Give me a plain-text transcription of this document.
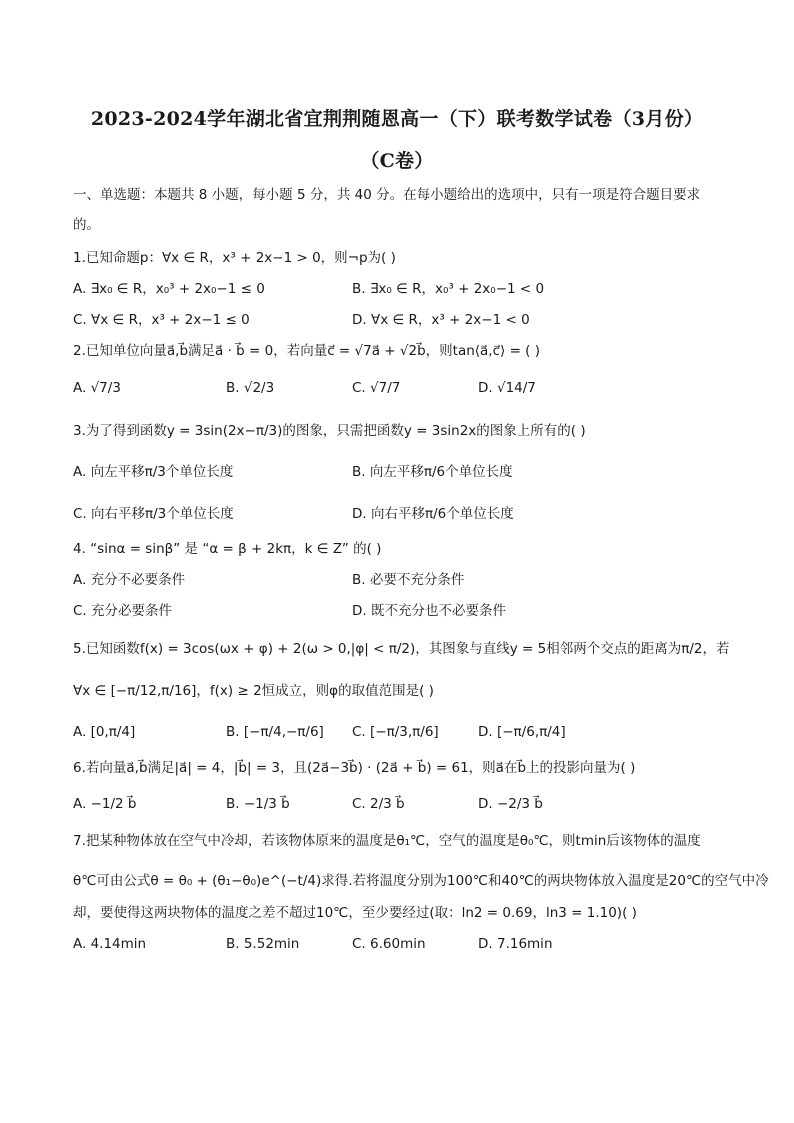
2023-2024学年湖北省宜荆荆随恩高一（下）联考数学试卷（3月份）
（C卷）
一、单选题：本题共 8 小题，每小题 5 分，共 40 分。在每小题给出的选项中，只有一项是符合题目要求
的。
1.已知命题p：∀x ∈ R，x³ + 2x−1 > 0，则¬p为( )
A. ∃x₀ ∈ R，x₀³ + 2x₀−1 ≤ 0	B. ∃x₀ ∈ R，x₀³ + 2x₀−1 < 0
C. ∀x ∈ R，x³ + 2x−1 ≤ 0	D. ∀x ∈ R，x³ + 2x−1 < 0
2.已知单位向量a⃗,b⃗满足a⃗ · b⃗ = 0，若向量c⃗ = √7a⃗ + √2b⃗，则tan⟨a⃗,c⃗⟩ = ( )
A. √7/3	B. √2/3	C. √7/7	D. √14/7
3.为了得到函数y = 3sin(2x−π/3)的图象，只需把函数y = 3sin2x的图象上所有的( )
A. 向左平移π/3个单位长度	B. 向左平移π/6个单位长度
C. 向右平移π/3个单位长度	D. 向右平移π/6个单位长度
4. “sinα = sinβ” 是 “α = β + 2kπ，k ∈ Z” 的( )
A. 充分不必要条件	B. 必要不充分条件
C. 充分必要条件	D. 既不充分也不必要条件
5.已知函数f(x) = 3cos(ωx + φ) + 2(ω > 0,|φ| < π/2)，其图象与直线y = 5相邻两个交点的距离为π/2，若
∀x ∈ [−π/12,π/16]，f(x) ≥ 2恒成立，则φ的取值范围是( )
A. [0,π/4]	B. [−π/4,−π/6] C. [−π/3,π/6]	D. [−π/6,π/4]
6.若向量a⃗,b⃗满足|a⃗| = 4，|b⃗| = 3，且(2a⃗−3b⃗) · (2a⃗ + b⃗) = 61，则a⃗在b⃗上的投影向量为( )
A. −1/2 b⃗	B. −1/3 b⃗	C. 2/3 b⃗	D. −2/3 b⃗
7.把某种物体放在空气中冷却，若该物体原来的温度是θ₁℃，空气的温度是θ₀℃，则tmin后该物体的温度
θ℃可由公式θ = θ₀ + (θ₁−θ₀)e^(−t/4)求得.若将温度分别为100℃和40℃的两块物体放入温度是20℃的空气中冷
却，要使得这两块物体的温度之差不超过10℃，至少要经过(取：ln2 = 0.69，ln3 = 1.10)( )
A. 4.14min	B. 5.52min	C. 6.60min	D. 7.16min
